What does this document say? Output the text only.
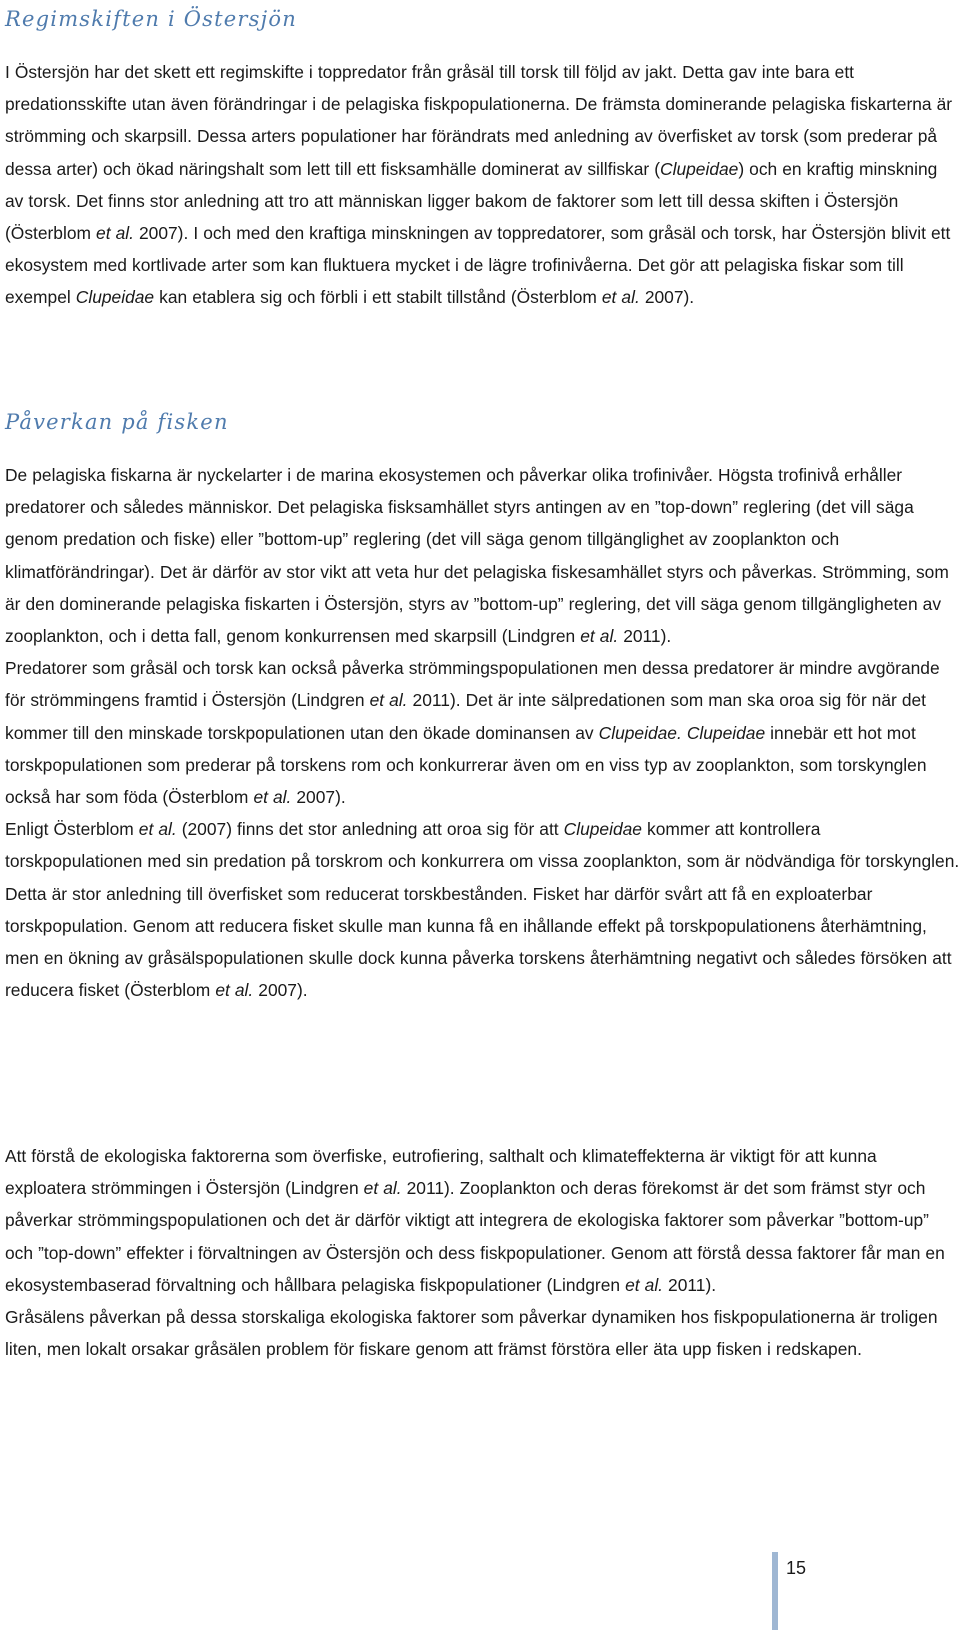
Regimskiften i Östersjön

I Östersjön har det skett ett regimskifte i toppredator från gråsäl till torsk till följd av jakt. Detta gav inte bara ett predationsskifte utan även förändringar i de pelagiska fiskpopulationerna. De främsta dominerande pelagiska fiskarterna är strömming och skarpsill. Dessa arters populationer har förändrats med anledning av överfisket av torsk (som prederar på dessa arter) och ökad näringshalt som lett till ett fisksamhälle dominerat av sillfiskar (Clupeidae) och en kraftig minskning av torsk. Det finns stor anledning att tro att människan ligger bakom de faktorer som lett till dessa skiften i Östersjön (Österblom et al. 2007). I och med den kraftiga minskningen av toppredatorer, som gråsäl och torsk, har Östersjön blivit ett ekosystem med kortlivade arter som kan fluktuera mycket i de lägre trofinivåerna. Det gör att pelagiska fiskar som till exempel Clupeidae kan etablera sig och förbli i ett stabilt tillstånd (Österblom et al. 2007).

Påverkan på fisken

De pelagiska fiskarna är nyckelarter i de marina ekosystemen och påverkar olika trofinivåer. Högsta trofinivå erhåller predatorer och således människor. Det pelagiska fisksamhället styrs antingen av en ”top-down” reglering (det vill säga genom predation och fiske) eller ”bottom-up” reglering (det vill säga genom tillgänglighet av zooplankton och klimatförändringar). Det är därför av stor vikt att veta hur det pelagiska fiskesamhället styrs och påverkas. Strömming, som är den dominerande pelagiska fiskarten i Östersjön, styrs av ”bottom-up” reglering, det vill säga genom tillgängligheten av zooplankton, och i detta fall, genom konkurrensen med skarpsill (Lindgren et al. 2011).

Predatorer som gråsäl och torsk kan också påverka strömmingspopulationen men dessa predatorer är mindre avgörande för strömmingens framtid i Östersjön (Lindgren et al. 2011). Det är inte sälpredationen som man ska oroa sig för när det kommer till den minskade torskpopulationen utan den ökade dominansen av Clupeidae. Clupeidae innebär ett hot mot torskpopulationen som prederar på torskens rom och konkurrerar även om en viss typ av zooplankton, som torskynglen också har som föda (Österblom et al. 2007).

Enligt Österblom et al. (2007) finns det stor anledning att oroa sig för att Clupeidae kommer att kontrollera torskpopulationen med sin predation på torskrom och konkurrera om vissa zooplankton, som är nödvändiga för torskynglen. Detta är stor anledning till överfisket som reducerat torskbestånden. Fisket har därför svårt att få en exploaterbar torskpopulation. Genom att reducera fisket skulle man kunna få en ihållande effekt på torskpopulationens återhämtning, men en ökning av gråsälspopulationen skulle dock kunna påverka torskens återhämtning negativt och således försöken att reducera fisket (Österblom et al. 2007).

Att förstå de ekologiska faktorerna som överfiske, eutrofiering, salthalt och klimateffekterna är viktigt för att kunna exploatera strömmingen i Östersjön (Lindgren et al. 2011). Zooplankton och deras förekomst är det som främst styr och påverkar strömmingspopulationen och det är därför viktigt att integrera de ekologiska faktorer som påverkar ”bottom-up” och ”top-down” effekter i förvaltningen av Östersjön och dess fiskpopulationer. Genom att förstå dessa faktorer får man en ekosystembaserad förvaltning och hållbara pelagiska fiskpopulationer (Lindgren et al. 2011).

Gråsälens påverkan på dessa storskaliga ekologiska faktorer som påverkar dynamiken hos fiskpopulationerna är troligen liten, men lokalt orsakar gråsälen problem för fiskare genom att främst förstöra eller äta upp fisken i redskapen.

15
